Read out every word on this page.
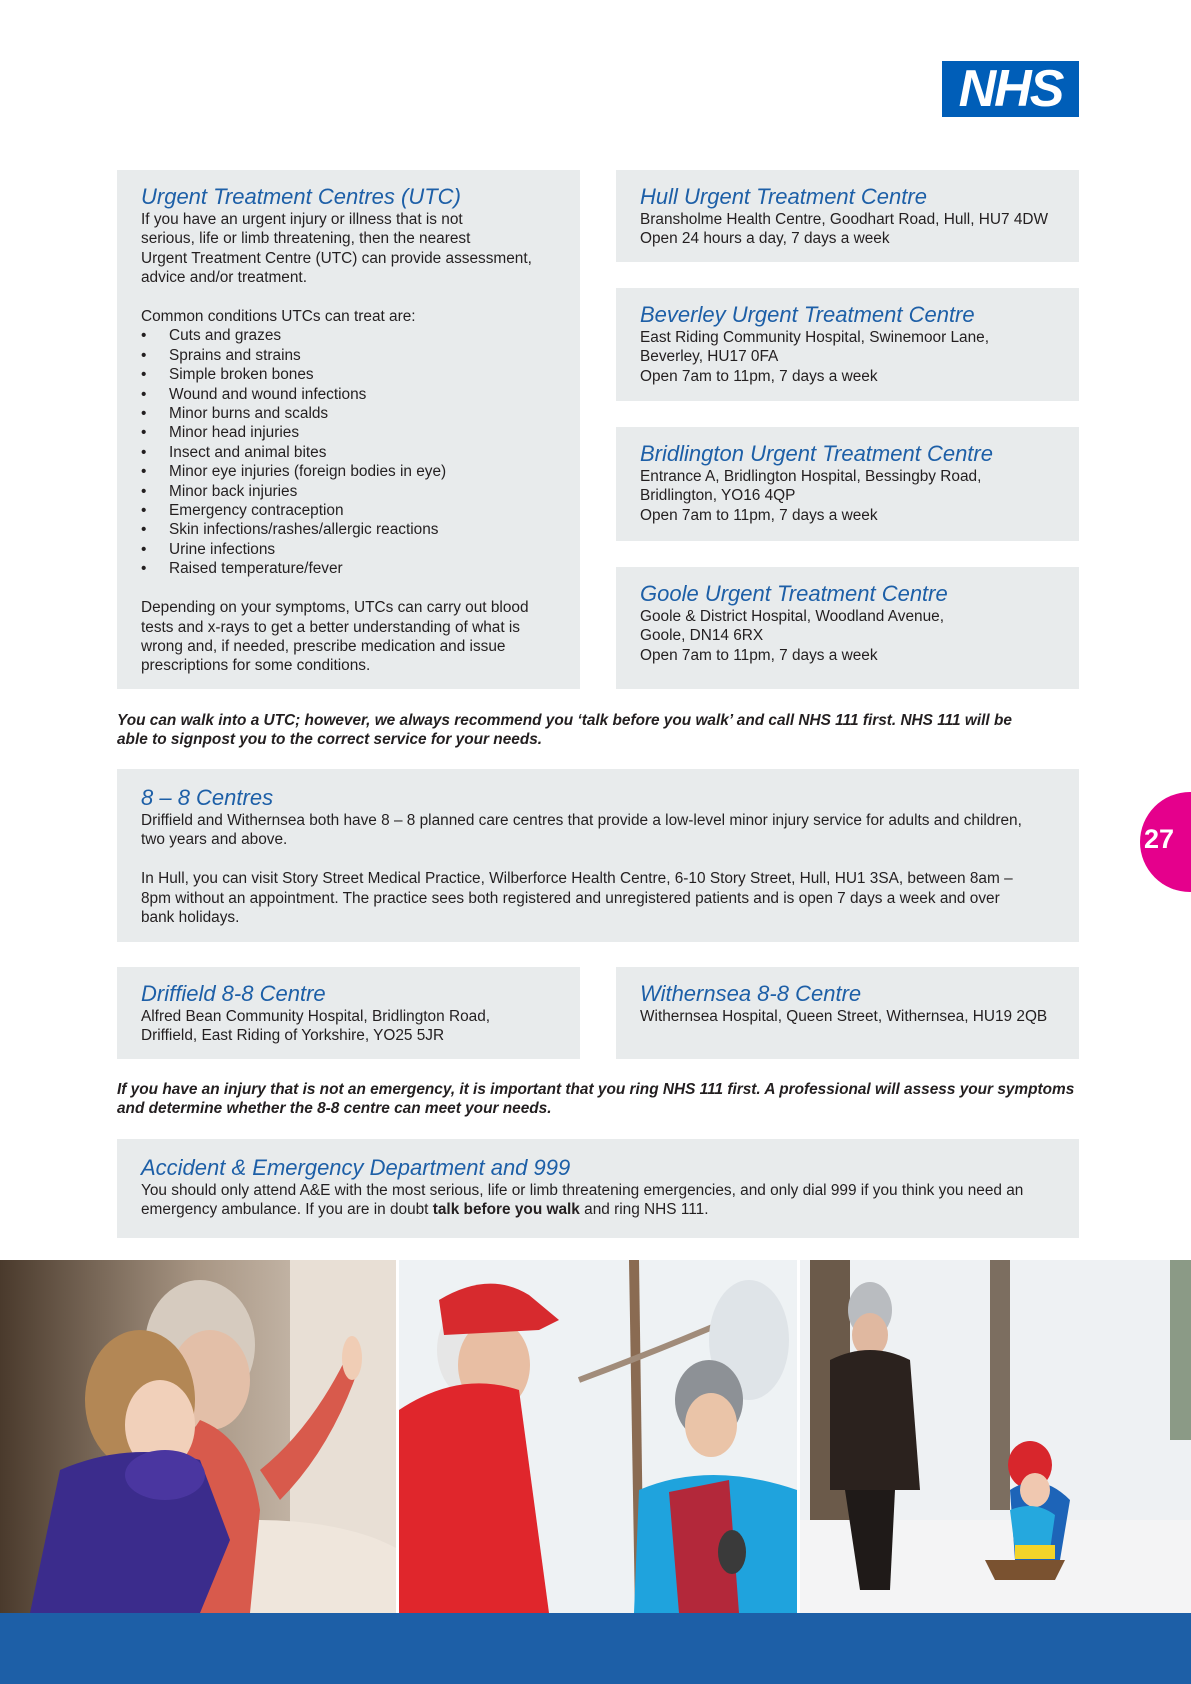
NHS
Urgent Treatment Centres (UTC)
If you have an urgent injury or illness that is not
serious, life or limb threatening, then the nearest
Urgent Treatment Centre (UTC) can provide assessment,
advice and/or treatment.
Common conditions UTCs can treat are:
• Cuts and grazes
• Sprains and strains
• Simple broken bones
• Wound and wound infections
• Minor burns and scalds
• Minor head injuries
• Insect and animal bites
• Minor eye injuries (foreign bodies in eye)
• Minor back injuries
• Emergency contraception
• Skin infections/rashes/allergic reactions
• Urine infections
• Raised temperature/fever
Depending on your symptoms, UTCs can carry out blood
tests and x-rays to get a better understanding of what is
wrong and, if needed, prescribe medication and issue
prescriptions for some conditions.
Hull Urgent Treatment Centre
Bransholme Health Centre, Goodhart Road, Hull, HU7 4DW
Open 24 hours a day, 7 days a week
Beverley Urgent Treatment Centre
East Riding Community Hospital, Swinemoor Lane,
Beverley, HU17 0FA
Open 7am to 11pm, 7 days a week
Bridlington Urgent Treatment Centre
Entrance A, Bridlington Hospital, Bessingby Road,
Bridlington, YO16 4QP
Open 7am to 11pm, 7 days a week
Goole Urgent Treatment Centre
Goole & District Hospital, Woodland Avenue,
Goole, DN14 6RX
Open 7am to 11pm, 7 days a week
You can walk into a UTC; however, we always recommend you ‘talk before you walk’ and call NHS 111 first. NHS 111 will be
able to signpost you to the correct service for your needs.
8 – 8 Centres
Driffield and Withernsea both have 8 – 8 planned care centres that provide a low-level minor injury service for adults and children,
two years and above.
In Hull, you can visit Story Street Medical Practice, Wilberforce Health Centre, 6-10 Story Street, Hull, HU1 3SA, between 8am –
8pm without an appointment. The practice sees both registered and unregistered patients and is open 7 days a week and over
bank holidays.
Driffield 8-8 Centre
Alfred Bean Community Hospital, Bridlington Road,
Driffield, East Riding of Yorkshire, YO25 5JR
Withernsea 8-8 Centre
Withernsea Hospital, Queen Street, Withernsea, HU19 2QB
If you have an injury that is not an emergency, it is important that you ring NHS 111 first. A professional will assess your symptoms
and determine whether the 8-8 centre can meet your needs.
Accident & Emergency Department and 999
You should only attend A&E with the most serious, life or limb threatening emergencies, and only dial 999 if you think you need an
emergency ambulance. If you are in doubt talk before you walk and ring NHS 111.
27
